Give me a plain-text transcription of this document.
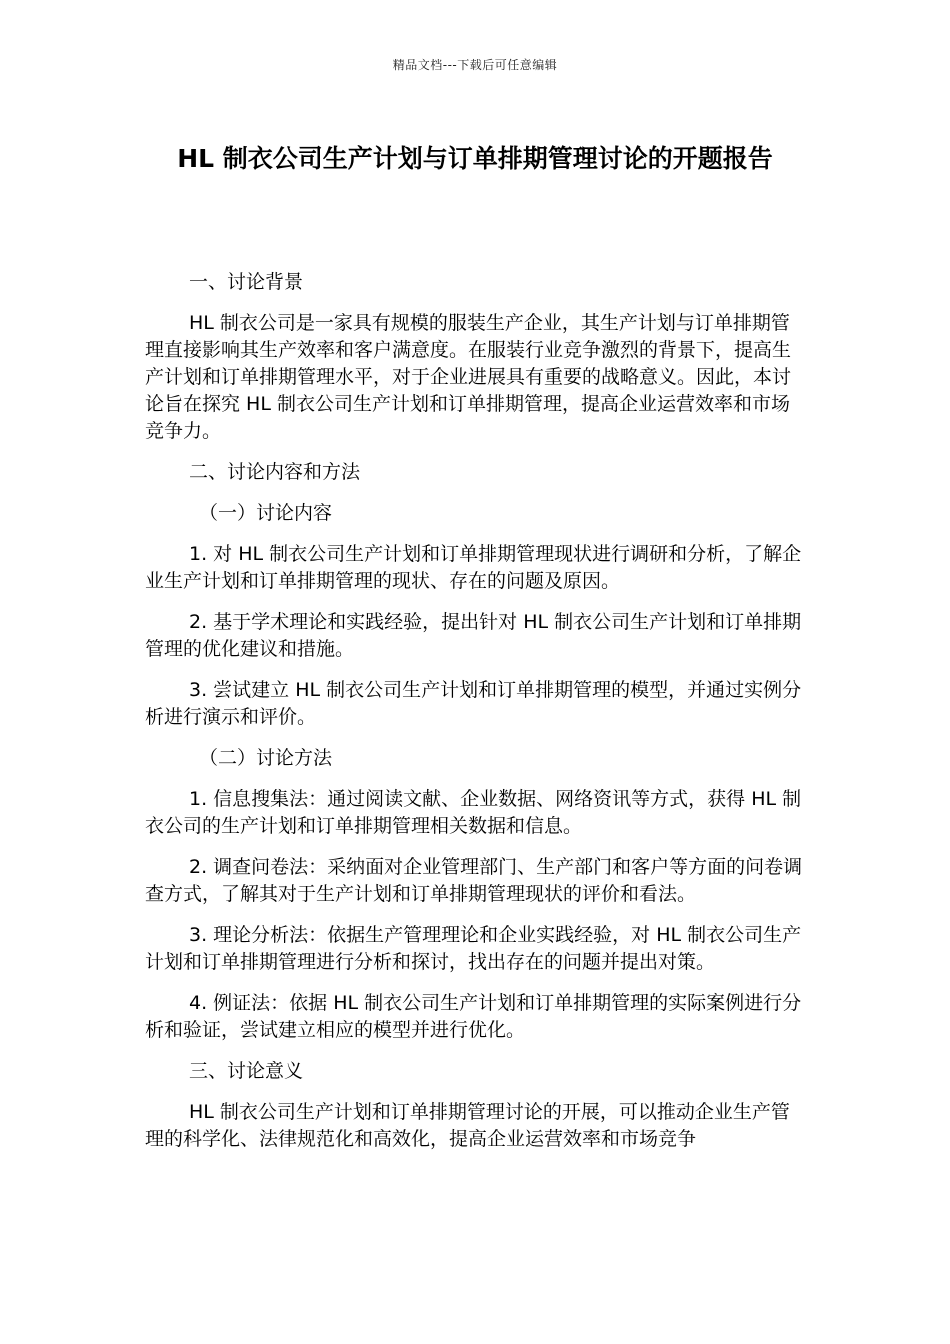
精品文档---下载后可任意编辑
HL 制衣公司生产计划与订单排期管理讨论的开题报告

一、讨论背景

HL 制衣公司是一家具有规模的服装生产企业，其生产计划与订单排期管理直接影响其生产效率和客户满意度。在服装行业竞争激烈的背景下，提高生产计划和订单排期管理水平，对于企业进展具有重要的战略意义。因此，本讨论旨在探究 HL 制衣公司生产计划和订单排期管理，提高企业运营效率和市场竞争力。

二、讨论内容和方法

（一）讨论内容

1. 对 HL 制衣公司生产计划和订单排期管理现状进行调研和分析，了解企业生产计划和订单排期管理的现状、存在的问题及原因。

2. 基于学术理论和实践经验，提出针对 HL 制衣公司生产计划和订单排期管理的优化建议和措施。

3. 尝试建立 HL 制衣公司生产计划和订单排期管理的模型，并通过实例分析进行演示和评价。

（二）讨论方法

1. 信息搜集法：通过阅读文献、企业数据、网络资讯等方式，获得 HL 制衣公司的生产计划和订单排期管理相关数据和信息。

2. 调查问卷法：采纳面对企业管理部门、生产部门和客户等方面的问卷调查方式，了解其对于生产计划和订单排期管理现状的评价和看法。

3. 理论分析法：依据生产管理理论和企业实践经验，对 HL 制衣公司生产计划和订单排期管理进行分析和探讨，找出存在的问题并提出对策。

4. 例证法：依据 HL 制衣公司生产计划和订单排期管理的实际案例进行分析和验证，尝试建立相应的模型并进行优化。

三、讨论意义

HL 制衣公司生产计划和订单排期管理讨论的开展，可以推动企业生产管理的科学化、法律规范化和高效化，提高企业运营效率和市场竞争
